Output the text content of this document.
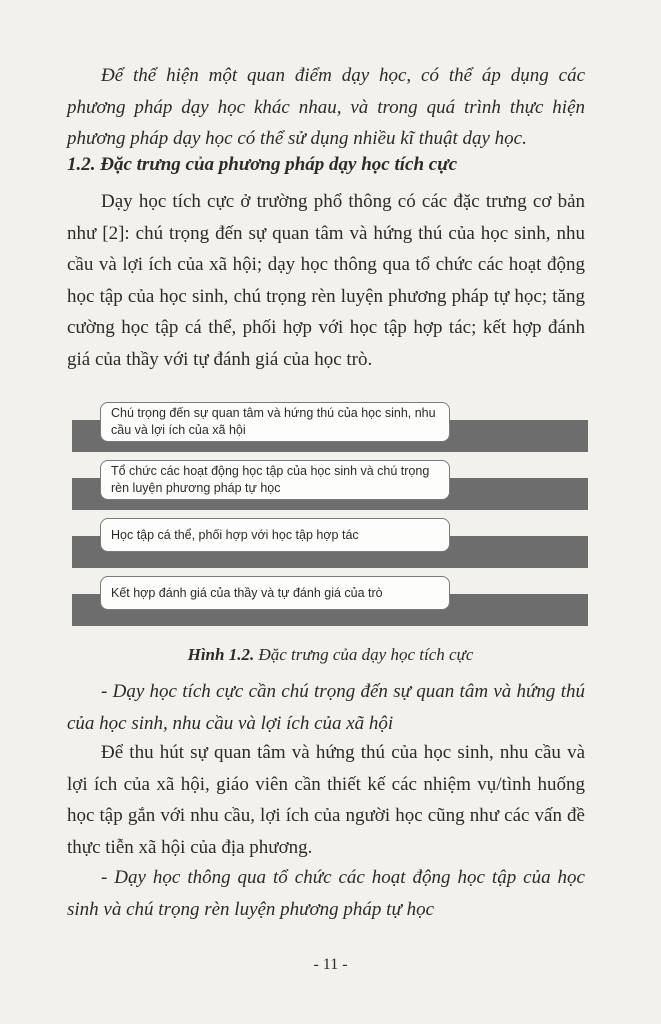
Để thể hiện một quan điểm dạy học, có thể áp dụng các phương pháp dạy học khác nhau, và trong quá trình thực hiện phương pháp dạy học có thể sử dụng nhiều kĩ thuật dạy học.

1.2. Đặc trưng của phương pháp dạy học tích cực

Dạy học tích cực ở trường phổ thông có các đặc trưng cơ bản như [2]: chú trọng đến sự quan tâm và hứng thú của học sinh, nhu cầu và lợi ích của xã hội; dạy học thông qua tổ chức các hoạt động học tập của học sinh, chú trọng rèn luyện phương pháp tự học; tăng cường học tập cá thể, phối hợp với học tập hợp tác; kết hợp đánh giá của thầy với tự đánh giá của học trò.

Chú trọng đến sự quan tâm và hứng thú của học sinh, nhu cầu và lợi ích của xã hội
Tổ chức các hoạt động học tập của học sinh và chú trọng rèn luyện phương pháp tự học
Học tập cá thể, phối hợp với học tập hợp tác
Kết hợp đánh giá của thầy và tự đánh giá của trò

Hình 1.2. Đặc trưng của dạy học tích cực

- Dạy học tích cực cần chú trọng đến sự quan tâm và hứng thú của học sinh, nhu cầu và lợi ích của xã hội

Để thu hút sự quan tâm và hứng thú của học sinh, nhu cầu và lợi ích của xã hội, giáo viên cần thiết kế các nhiệm vụ/tình huống học tập gắn với nhu cầu, lợi ích của người học cũng như các vấn đề thực tiễn xã hội của địa phương.

- Dạy học thông qua tổ chức các hoạt động học tập của học sinh và chú trọng rèn luyện phương pháp tự học

- 11 -
